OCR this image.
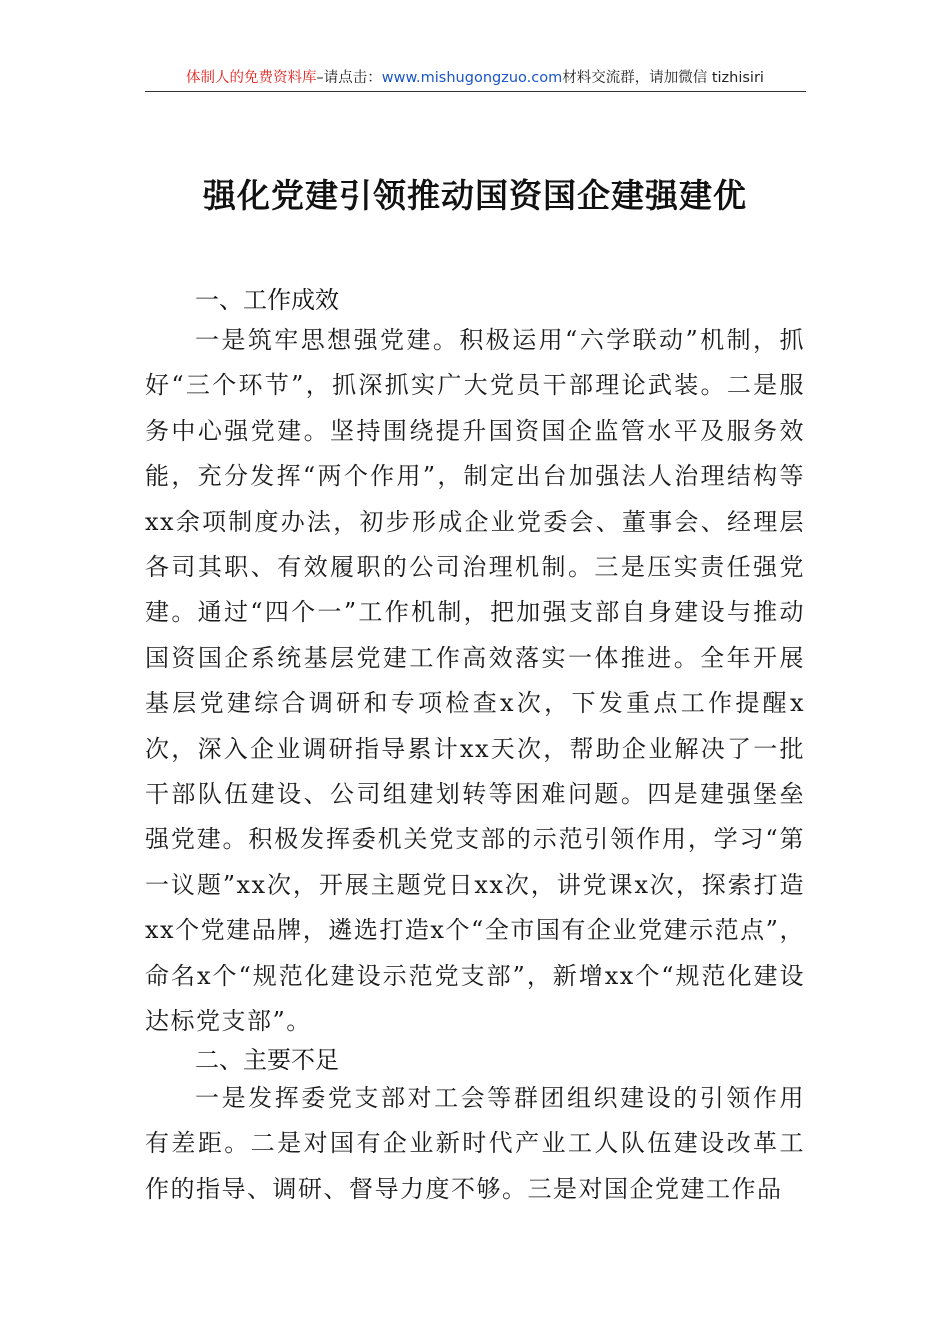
体制人的免费资料库–请点击：www.mishugongzuo.com材料交流群，请加微信 tizhisiri
强化党建引领推动国资国企建强建优
一、工作成效
一是筑牢思想强党建。积极运用“六学联动”机制，抓好“三个环节”，抓深抓实广大党员干部理论武装。二是服务中心强党建。坚持围绕提升国资国企监管水平及服务效能，充分发挥“两个作用”，制定出台加强法人治理结构等xx余项制度办法，初步形成企业党委会、董事会、经理层各司其职、有效履职的公司治理机制。三是压实责任强党建。通过“四个一”工作机制，把加强支部自身建设与推动国资国企系统基层党建工作高效落实一体推进。全年开展基层党建综合调研和专项检查x次，下发重点工作提醒x次，深入企业调研指导累计xx天次，帮助企业解决了一批干部队伍建设、公司组建划转等困难问题。四是建强堡垒强党建。积极发挥委机关党支部的示范引领作用，学习“第一议题”xx次，开展主题党日xx次，讲党课x次，探索打造xx个党建品牌，遴选打造x个“全市国有企业党建示范点”，命名x个“规范化建设示范党支部”，新增xx个“规范化建设达标党支部”。
二、主要不足
一是发挥委党支部对工会等群团组织建设的引领作用有差距。二是对国有企业新时代产业工人队伍建设改革工作的指导、调研、督导力度不够。三是对国企党建工作品
